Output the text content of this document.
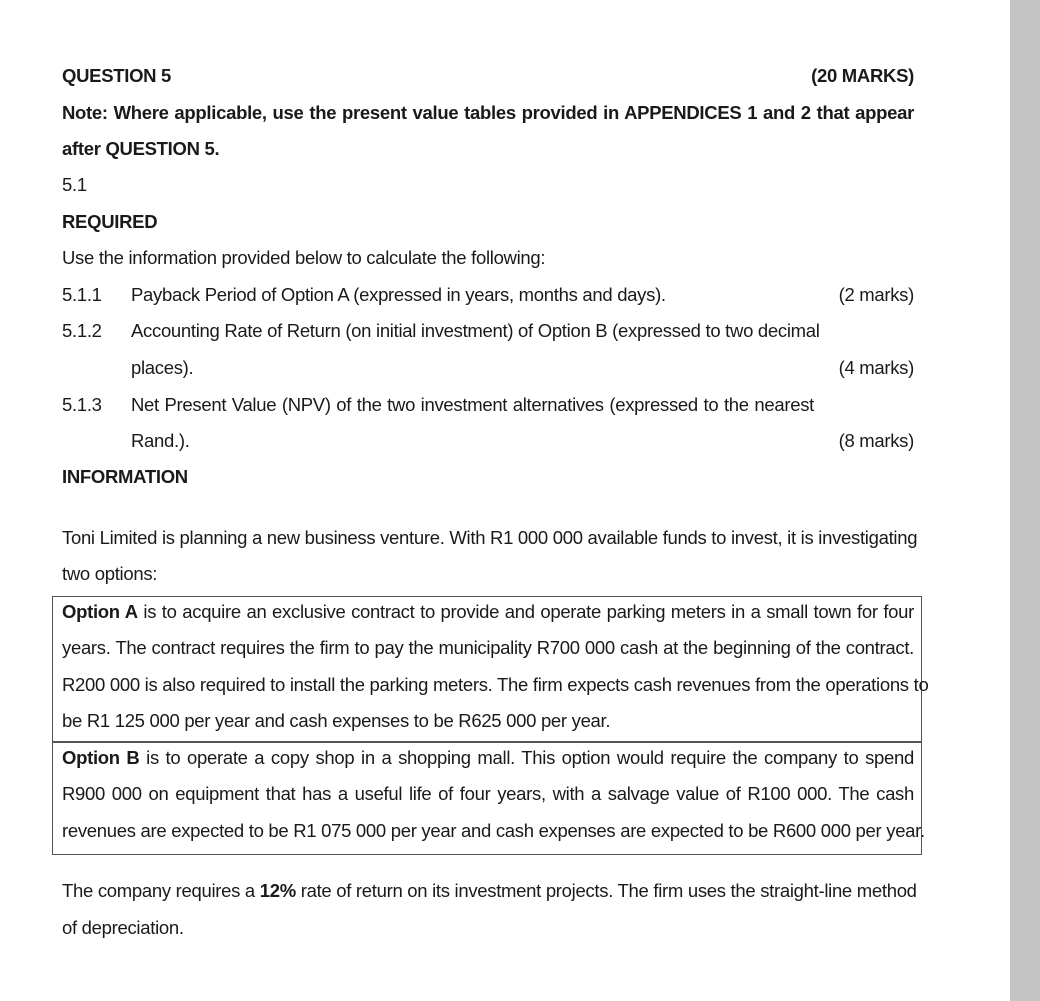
QUESTION 5	(20 MARKS)
Note: Where applicable, use the present value tables provided in APPENDICES 1 and 2 that appear
after QUESTION 5.
5.1
REQUIRED
Use the information provided below to calculate the following:
5.1.1 Payback Period of Option A (expressed in years, months and days).	(2 marks)
5.1.2 Accounting Rate of Return (on initial investment) of Option B (expressed to two decimal
places).	(4 marks)
5.1.3 Net Present Value (NPV) of the two investment alternatives (expressed to the nearest
Rand.).	(8 marks)
INFORMATION
Toni Limited is planning a new business venture. With R1 000 000 available funds to invest, it is investigating
two options:
The company requires a 12% rate of return on its investment projects. The firm uses the straight-line method
of depreciation.
Option A is to acquire an exclusive contract to provide and operate parking meters in a small town for four
years. The contract requires the firm to pay the municipality R700 000 cash at the beginning of the contract.
R200 000 is also required to install the parking meters. The firm expects cash revenues from the operations to
be R1 125 000 per year and cash expenses to be R625 000 per year.
Option B is to operate a copy shop in a shopping mall. This option would require the company to spend
R900 000 on equipment that has a useful life of four years, with a salvage value of R100 000. The cash
revenues are expected to be R1 075 000 per year and cash expenses are expected to be R600 000 per year.
